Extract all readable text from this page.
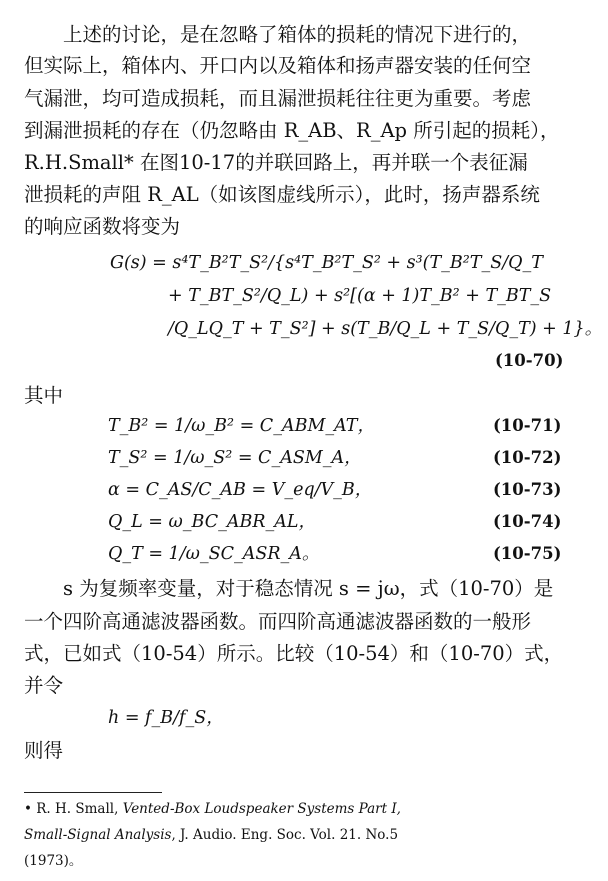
　　上述的讨论，是在忽略了箱体的损耗的情况下进行的，
但实际上，箱体内、开口内以及箱体和扬声器安装的任何空
气漏泄，均可造成损耗，而且漏泄损耗往往更为重要。考虑
到漏泄损耗的存在（仍忽略由 R_AB、R_Ap 所引起的损耗），
R.H.Small* 在图10-17的并联回路上，再并联一个表征漏
泄损耗的声阻 R_AL（如该图虚线所示），此时，扬声器系统
的响应函数将变为
G(s) = s⁴T_B²T_S²/{s⁴T_B²T_S² + s³(T_B²T_S/Q_T
+ T_BT_S²/Q_L) + s²[(α + 1)T_B² + T_BT_S
/Q_LQ_T + T_S²] + s(T_B/Q_L + T_S/Q_T) + 1}。
(10-70)
其中
T_B² = 1/ω_B² = C_ABM_AT，	(10-71)
T_S² = 1/ω_S² = C_ASM_A，	(10-72)
α = C_AS/C_AB = V_eq/V_B，	(10-73)
Q_L = ω_BC_ABR_AL，	(10-74)
Q_T = 1/ω_SC_ASR_A。	(10-75)
　　s 为复频率变量，对于稳态情况 s = jω，式（10-70）是
一个四阶高通滤波器函数。而四阶高通滤波器函数的一般形
式，已如式（10-54）所示。比较（10-54）和（10-70）式，
并令
h = f_B/f_S，
则得
• R. H. Small, Vented-Box Loudspeaker Systems Part I,
Small-Signal Analysis, J. Audio. Eng. Soc. Vol. 21. No.5
(1973)。
